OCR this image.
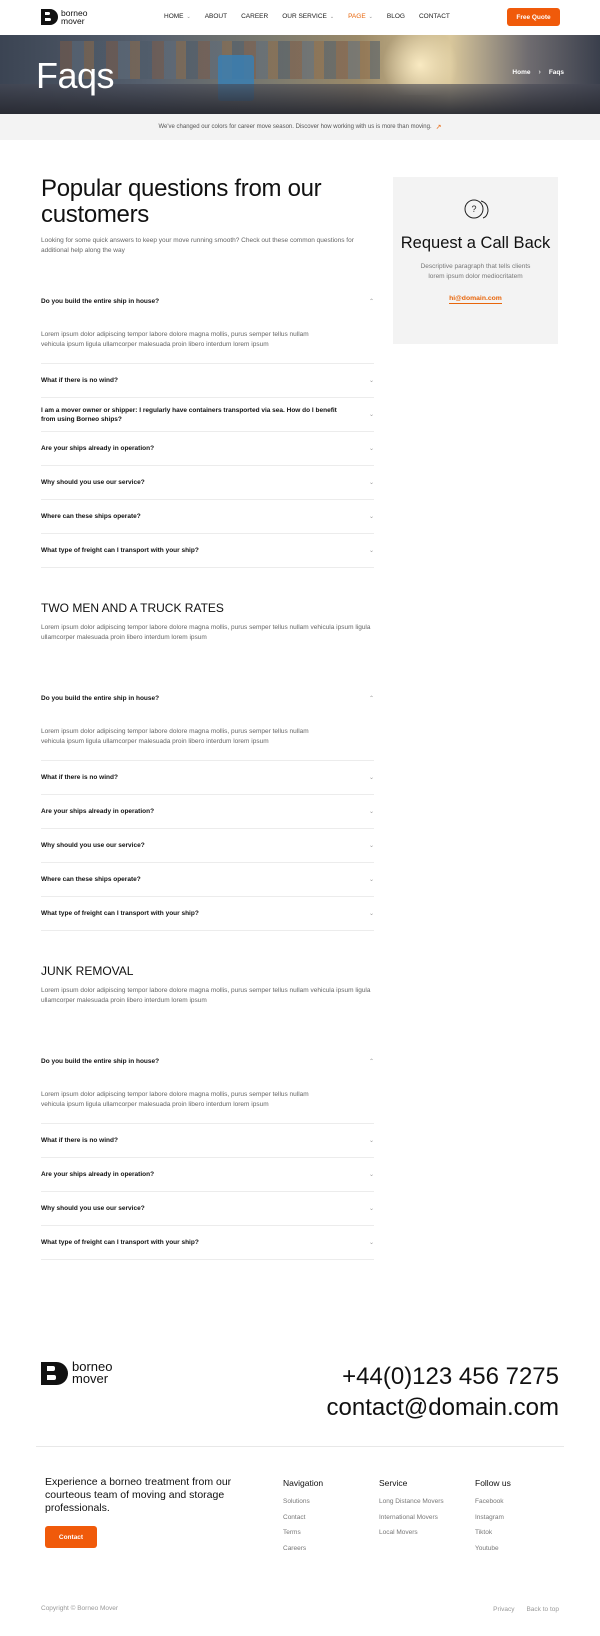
borneo
mover	HOME ⌄ ABOUT CAREER OUR SERVICE ⌄ PAGE ⌄ BLOG CONTACT	Free Quote
Faqs	Home › Faqs
We've changed our colors for career move season. Discover how working with us is more than moving. ↗
Popular questions from our customers

Looking for some quick answers to keep your move running smooth? Check out these common questions for additional help along the way

Do you build the entire ship in house?	⌃
Lorem ipsum dolor adipiscing tempor labore dolore magna mollis, purus semper tellus nullam vehicula ipsum ligula ullamcorper malesuada proin libero interdum lorem ipsum
What if there is no wind?	⌄
I am a mover owner or shipper: I regularly have containers transported via sea. How do I benefit from using Borneo ships?
⌄
Are your ships already in operation?	⌄
Why should you use our service?	⌄
Where can these ships operate?	⌄
What type of freight can I transport with your ship?	⌄
TWO MEN AND A TRUCK RATES

Lorem ipsum dolor adipiscing tempor labore dolore magna mollis, purus semper tellus nullam vehicula ipsum ligula ullamcorper malesuada proin libero interdum lorem ipsum

Do you build the entire ship in house?	⌃
Lorem ipsum dolor adipiscing tempor labore dolore magna mollis, purus semper tellus nullam vehicula ipsum ligula ullamcorper malesuada proin libero interdum lorem ipsum
What if there is no wind?	⌄
Are your ships already in operation?	⌄
Why should you use our service?	⌄
Where can these ships operate?	⌄
What type of freight can I transport with your ship?	⌄
JUNK REMOVAL

Lorem ipsum dolor adipiscing tempor labore dolore magna mollis, purus semper tellus nullam vehicula ipsum ligula ullamcorper malesuada proin libero interdum lorem ipsum

Do you build the entire ship in house?	⌃
Lorem ipsum dolor adipiscing tempor labore dolore magna mollis, purus semper tellus nullam vehicula ipsum ligula ullamcorper malesuada proin libero interdum lorem ipsum
What if there is no wind?	⌄
Are your ships already in operation?	⌄
Why should you use our service?	⌄
What type of freight can I transport with your ship?	⌄
?
Request a Call Back
Descriptive paragraph that tells clients lorem ipsum dolor mediocritatem
hi@domain.com
borneo
mover	+44(0)123 456 7275
contact@domain.com
Experience a borneo treatment from our courteous team of moving and storage professionals.
Contact
Navigation
Solutions
Contact
Terms
Careers
Service
Long Distance Movers
International Movers
Local Movers
Follow us
Facebook
Instagram
Tiktok
Youtube
Copyright © Borneo Mover	Privacy Back to top
